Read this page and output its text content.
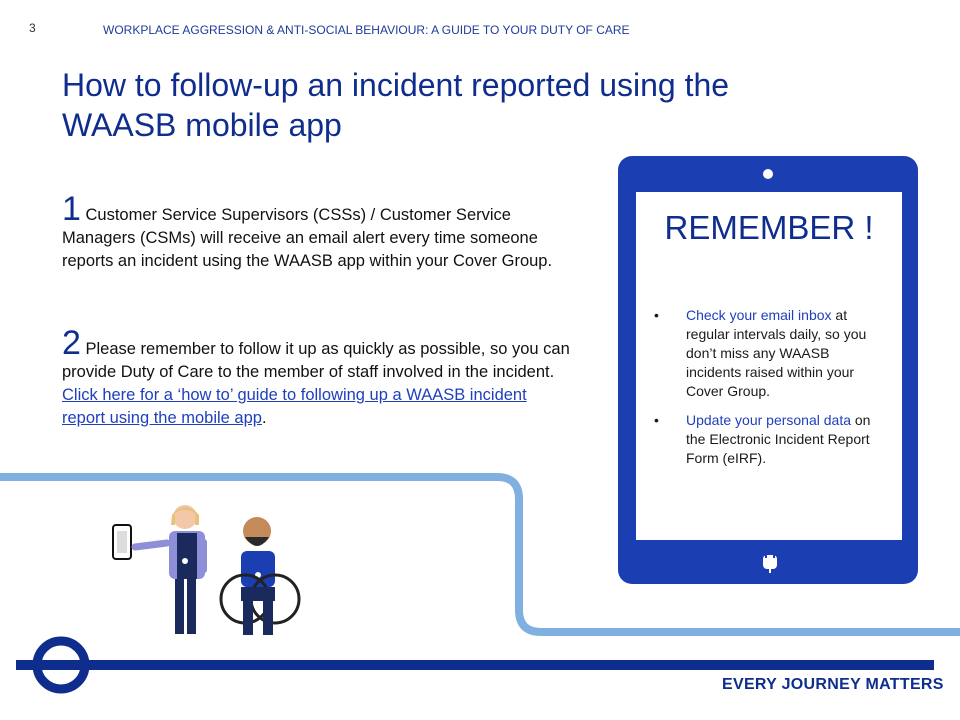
3	WORKPLACE AGGRESSION & ANTI-SOCIAL BEHAVIOUR: A GUIDE TO YOUR DUTY OF CARE
How to follow-up an incident reported using the WAASB mobile app
1 Customer Service Supervisors (CSSs) / Customer Service Managers (CSMs) will receive an email alert every time someone reports an incident using the WAASB app within your Cover Group.
2 Please remember to follow it up as quickly as possible, so you can provide Duty of Care to the member of staff involved in the incident. Click here for a ‘how to’ guide to following up a WAASB incident report using the mobile app.
REMEMBER !
• Check your email inbox at regular intervals daily, so you don’t miss any WAASB incidents raised within your Cover Group.
• Update your personal data on the Electronic Incident Report Form (eIRF).
EVERY JOURNEY MATTERS
